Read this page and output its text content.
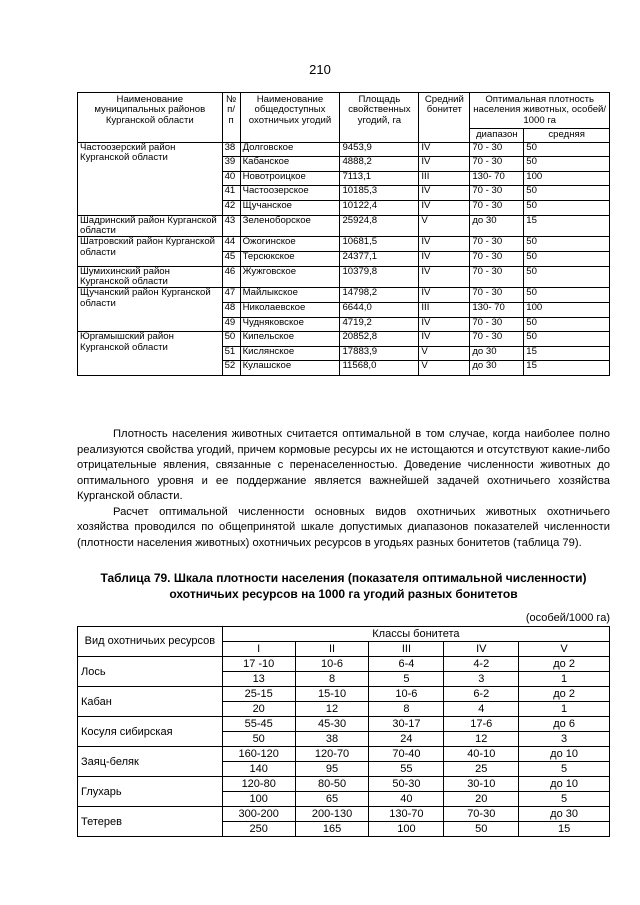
210
Наименование муниципальных районов Курганской области	№ п/п	Наименование общедоступных охотничьих угодий	Площадь свойственных угодий, га	Средний бонитет	Оптимальная плотность населения животных, особей/ 1000 га	
					диапазон	средняя
Частоозерский район Курганской области	38	Долговское	9453,9	IV	70 - 30	50
	39	Кабанское	4888,2	IV	70 - 30	50
	40	Новотроицкое	7113,1	III	130- 70	100
	41	Частоозерское	10185,3	IV	70 - 30	50
	42	Щучанское	10122,4	IV	70 - 30	50
Шадринский район Курганской области	43	Зеленоборское	25924,8	V	до 30	15
Шатровский район Курганской области	44	Ожогинское	10681,5	IV	70 - 30	50
	45	Терсюкское	24377,1	IV	70 - 30	50
Шумихинский район Курганской области	46	Жужговское	10379,8	IV	70 - 30	50
Щучанский район Курганской области	47	Майлыкское	14798,2	IV	70 - 30	50
	48	Николаевское	6644,0	III	130- 70	100
	49	Чудняковское	4719,2	IV	70 - 30	50
Юргамышский район Курганской области	50	Кипельское	20852,8	IV	70 - 30	50
	51	Кислянское	17883,9	V	до 30	15
	52	Кулашское	11568,0	V	до 30	15

Плотность населения животных считается оптимальной в том случае, когда наиболее полно реализуются свойства угодий, причем кормовые ресурсы их не истощаются и отсутствуют какие-либо отрицательные явления, связанные с перенаселенностью. Доведение численности животных до оптимального уровня и ее поддержание является важнейшей задачей охотничьего хозяйства Курганской области.

Расчет оптимальной численности основных видов охотничьих животных охотничьего хозяйства проводился по общепринятой шкале допустимых диапазонов показателей численности (плотности населения животных) охотничьих ресурсов в угодьях разных бонитетов (таблица 79).

Таблица 79. Шкала плотности населения (показателя оптимальной численности) охотничьих ресурсов на 1000 га угодий разных бонитетов
(особей/1000 га)
Вид охотничьих ресурсов	Классы бонитета				
	I	II	III	IV	V
Лось	17 -10	10-6	6-4	4-2	до 2
	13	8	5	3	1
Кабан	25-15	15-10	10-6	6-2	до 2
	20	12	8	4	1
Косуля сибирская	55-45	45-30	30-17	17-6	до 6
	50	38	24	12	3
Заяц-беляк	160-120	120-70	70-40	40-10	до 10
	140	95	55	25	5
Глухарь	120-80	80-50	50-30	30-10	до 10
	100	65	40	20	5
Тетерев	300-200	200-130	130-70	70-30	до 30
	250	165	100	50	15
